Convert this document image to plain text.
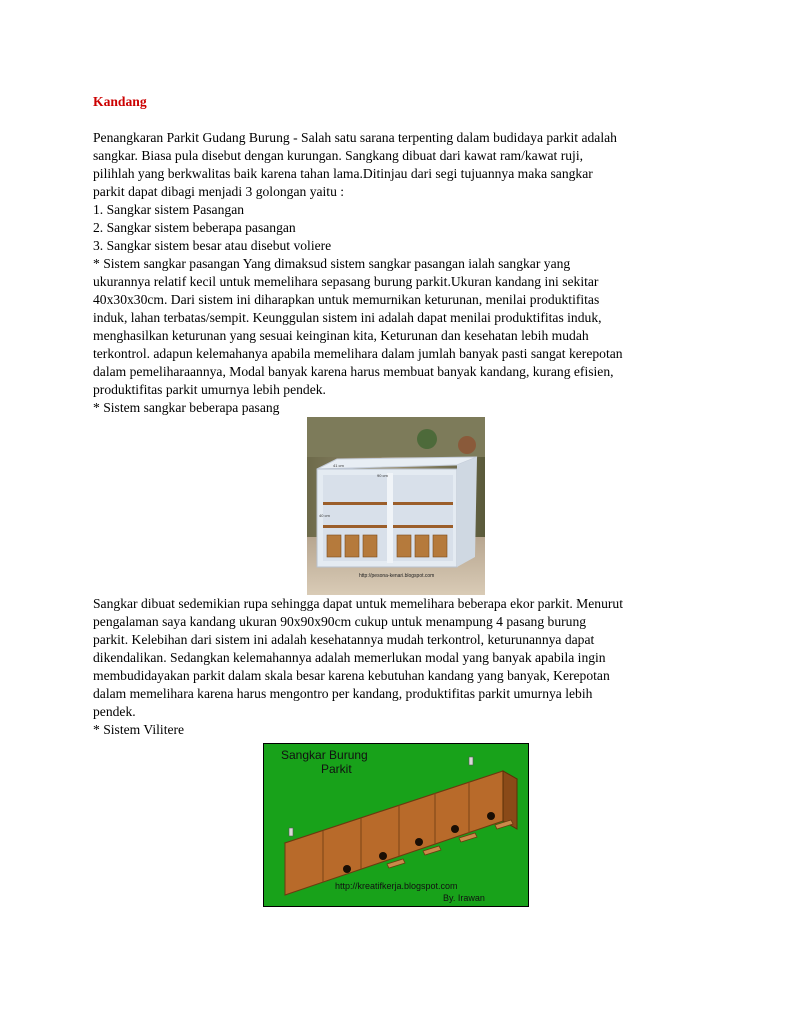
Kandang
Penangkaran Parkit Gudang Burung - Salah satu sarana terpenting dalam budidaya parkit adalah
sangkar. Biasa pula disebut dengan kurungan. Sangkang dibuat dari kawat ram/kawat ruji,
pilihlah yang berkwalitas baik karena tahan lama.Ditinjau dari segi tujuannya maka sangkar
parkit dapat dibagi menjadi 3 golongan yaitu :
1. Sangkar sistem Pasangan
2. Sangkar sistem beberapa pasangan
3. Sangkar sistem besar atau disebut voliere
* Sistem sangkar pasangan Yang dimaksud sistem sangkar pasangan ialah sangkar yang
ukurannya relatif kecil untuk memelihara sepasang burung parkit.Ukuran kandang ini sekitar
40x30x30cm. Dari sistem ini diharapkan untuk memurnikan keturunan, menilai produktifitas
induk, lahan terbatas/sempit. Keunggulan sistem ini adalah dapat menilai produktifitas induk,
menghasilkan keturunan yang sesuai keinginan kita, Keturunan dan kesehatan lebih mudah
terkontrol. adapun kelemahanya apabila memelihara dalam jumlah banyak pasti sangat kerepotan
dalam pemeliharaannya, Modal banyak karena harus membuat banyak kandang, kurang efisien,
produktifitas parkit umurnya lebih pendek.
* Sistem sangkar beberapa pasang
41 cm
90 cm
40 cm
http://pesona-kenari.blogspot.com
Sangkar dibuat sedemikian rupa sehingga dapat untuk memelihara beberapa ekor parkit. Menurut
pengalaman saya kandang ukuran 90x90x90cm cukup untuk menampung 4 pasang burung
parkit. Kelebihan dari sistem ini adalah kesehatannya mudah terkontrol, keturunannya dapat
dikendalikan. Sedangkan kelemahannya adalah memerlukan modal yang banyak apabila ingin
membudidayakan parkit dalam skala besar karena kebutuhan kandang yang banyak, Kerepotan
dalam memelihara karena harus mengontro per kandang, produktifitas parkit umurnya lebih
pendek.
* Sistem Vilitere
Sangkar Burung
Parkit
http://kreatifkerja.blogspot.com
By. Irawan
